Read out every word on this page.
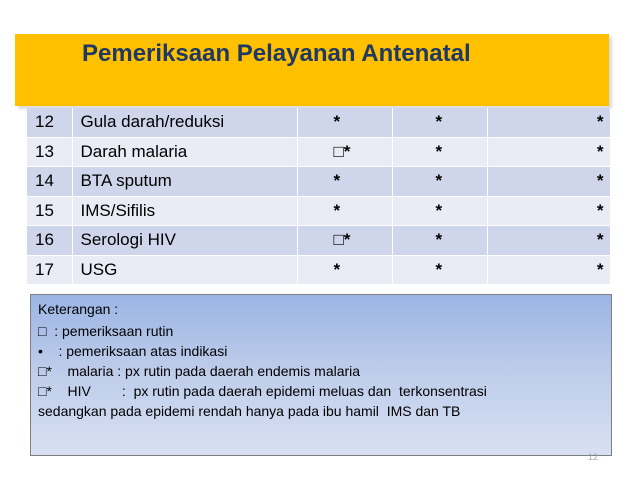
Pemeriksaan Pelayanan Antenatal
12	Gula darah/reduksi	*	*	*
13	Darah malaria	□*	*	*
14	BTA sputum	*	*	*
15	IMS/Sifilis	*	*	*
16	Serologi HIV	□*	*	*
17	USG	*	*	*
Keterangan :
□  : pemeriksaan rutin
•    : pemeriksaan atas indikasi
□*    malaria : px rutin pada daerah endemis malaria
□*    HIV        :  px rutin pada daerah epidemi meluas dan  terkonsentrasi
sedangkan pada epidemi rendah hanya pada ibu hamil  IMS dan TB
12
